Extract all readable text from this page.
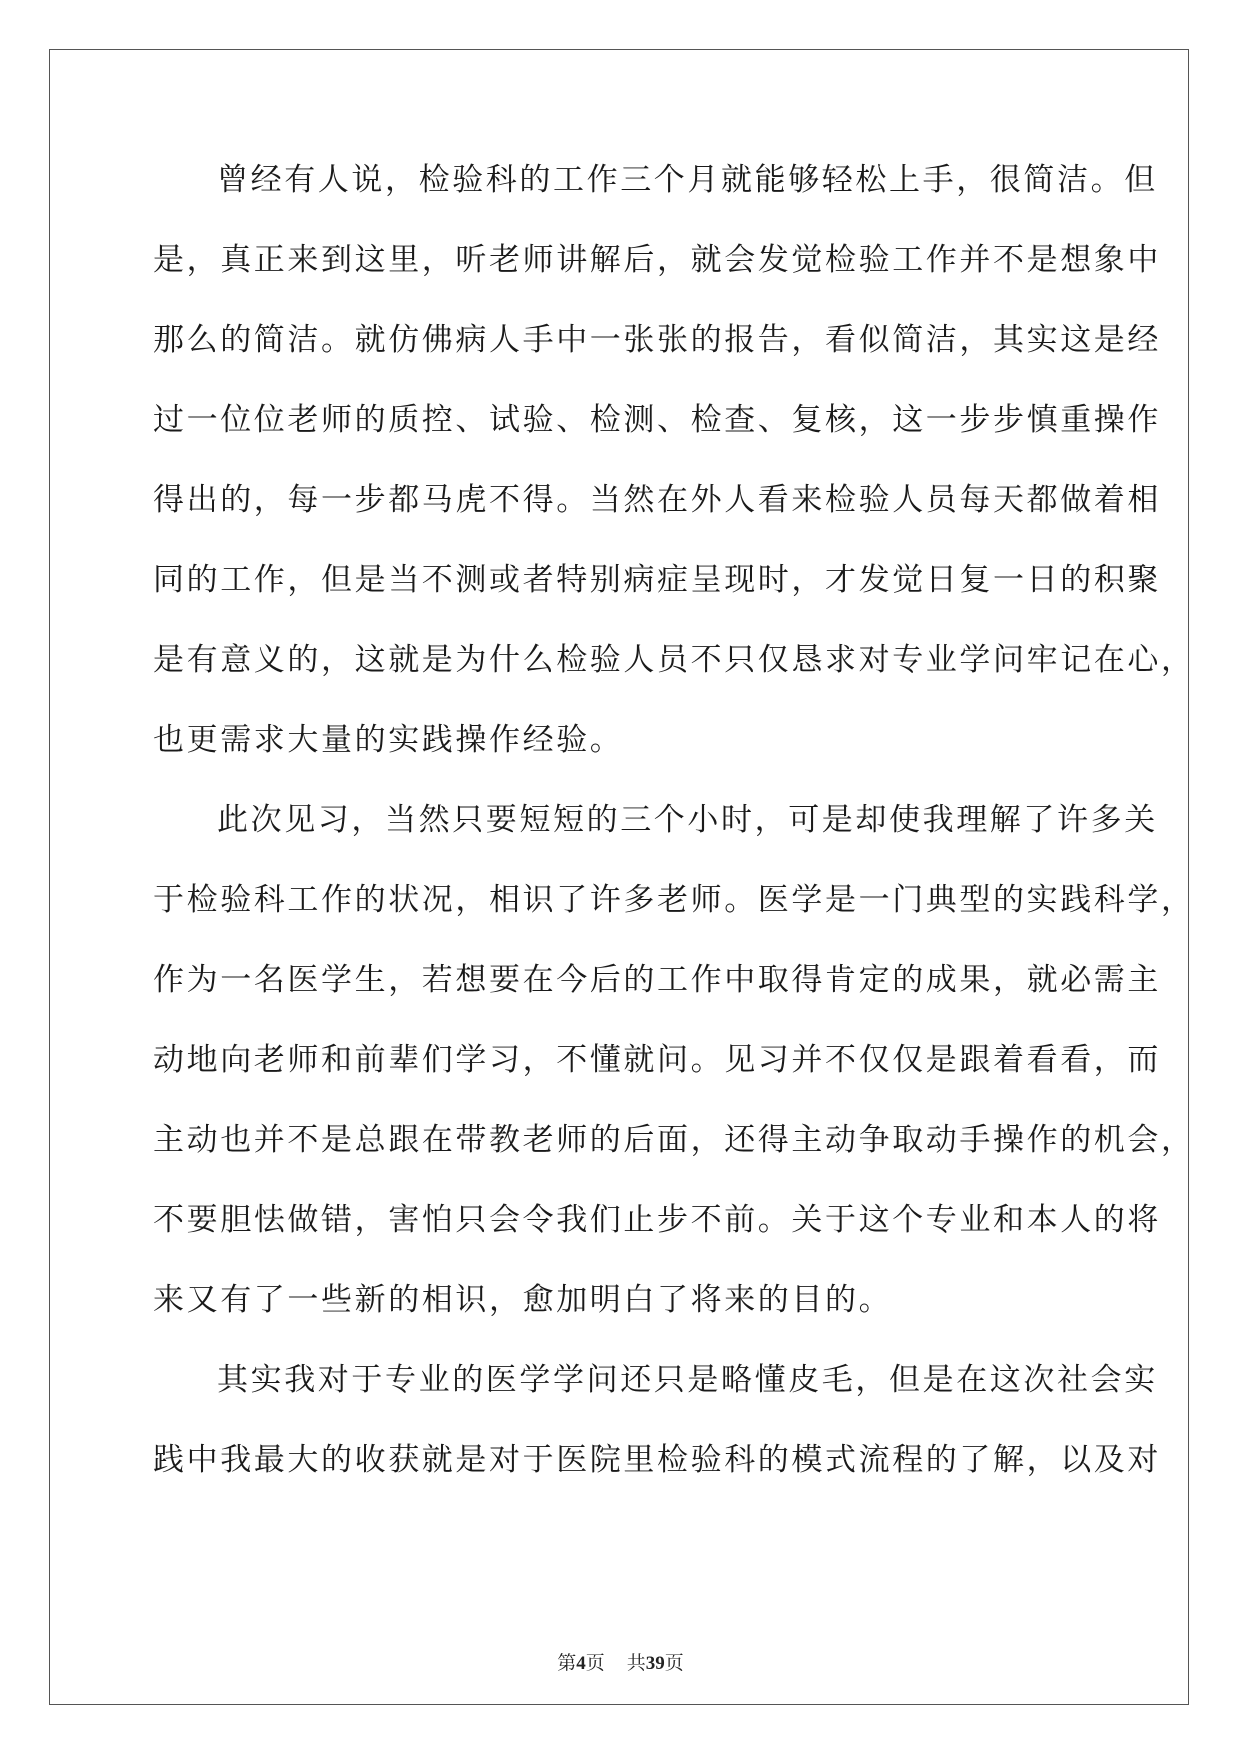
曾经有人说，检验科的工作三个月就能够轻松上手，很简洁。但
是，真正来到这里，听老师讲解后，就会发觉检验工作并不是想象中
那么的简洁。就仿佛病人手中一张张的报告，看似简洁，其实这是经
过一位位老师的质控、试验、检测、检查、复核，这一步步慎重操作
得出的，每一步都马虎不得。当然在外人看来检验人员每天都做着相
同的工作，但是当不测或者特别病症呈现时，才发觉日复一日的积聚
是有意义的，这就是为什么检验人员不只仅恳求对专业学问牢记在心，
也更需求大量的实践操作经验。
此次见习，当然只要短短的三个小时，可是却使我理解了许多关
于检验科工作的状况，相识了许多老师。医学是一门典型的实践科学，
作为一名医学生，若想要在今后的工作中取得肯定的成果，就必需主
动地向老师和前辈们学习，不懂就问。见习并不仅仅是跟着看看，而
主动也并不是总跟在带教老师的后面，还得主动争取动手操作的机会，
不要胆怯做错，害怕只会令我们止步不前。关于这个专业和本人的将
来又有了一些新的相识，愈加明白了将来的目的。
其实我对于专业的医学学问还只是略懂皮毛，但是在这次社会实
践中我最大的收获就是对于医院里检验科的模式流程的了解，以及对
第4页 共39页
